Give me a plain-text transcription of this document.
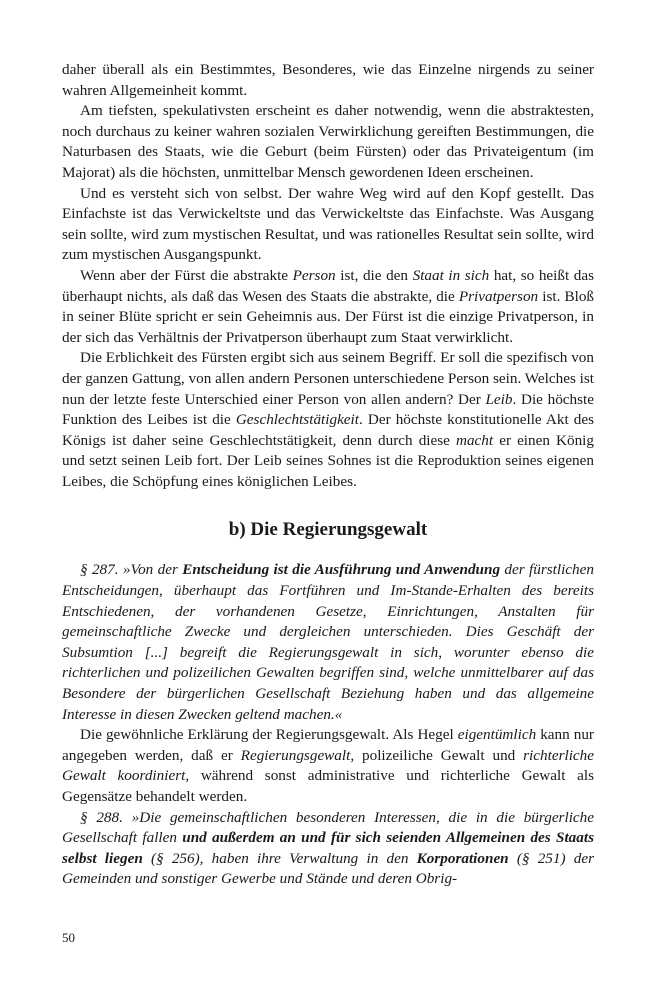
daher überall als ein Bestimmtes, Besonderes, wie das Einzelne nirgends zu seiner wahren Allgemeinheit kommt.

Am tiefsten, spekulativsten erscheint es daher notwendig, wenn die abstraktesten, noch durchaus zu keiner wahren sozialen Verwirklichung gereiften Bestimmungen, die Naturbasen des Staats, wie die Geburt (beim Fürsten) oder das Privateigentum (im Majorat) als die höchsten, unmittelbar Mensch gewordenen Ideen erscheinen.

Und es versteht sich von selbst. Der wahre Weg wird auf den Kopf gestellt. Das Einfachste ist das Verwickeltste und das Verwickeltste das Einfachste. Was Ausgang sein sollte, wird zum mystischen Resultat, und was rationelles Resultat sein sollte, wird zum mystischen Ausgangspunkt.

Wenn aber der Fürst die abstrakte Person ist, die den Staat in sich hat, so heißt das überhaupt nichts, als daß das Wesen des Staats die abstrakte, die Privatperson ist. Bloß in seiner Blüte spricht er sein Geheimnis aus. Der Fürst ist die einzige Privatperson, in der sich das Verhältnis der Privatperson überhaupt zum Staat verwirklicht.

Die Erblichkeit des Fürsten ergibt sich aus seinem Begriff. Er soll die spezifisch von der ganzen Gattung, von allen andern Personen unterschiedene Person sein. Welches ist nun der letzte feste Unterschied einer Person von allen andern? Der Leib. Die höchste Funktion des Leibes ist die Geschlechtstätigkeit. Der höchste konstitutionelle Akt des Königs ist daher seine Geschlechtstätigkeit, denn durch diese macht er einen König und setzt seinen Leib fort. Der Leib seines Sohnes ist die Reproduktion seines eigenen Leibes, die Schöpfung eines königlichen Leibes.

b) Die Regierungsgewalt

§ 287. »Von der Entscheidung ist die Ausführung und Anwendung der fürstlichen Entscheidungen, überhaupt das Fortführen und Im-Stande-Erhalten des bereits Entschiedenen, der vorhandenen Gesetze, Einrichtungen, Anstalten für gemeinschaftliche Zwecke und dergleichen unterschieden. Dies Geschäft der Subsumtion [...] begreift die Regierungsgewalt in sich, worunter ebenso die richterlichen und polizeilichen Gewalten begriffen sind, welche unmittelbarer auf das Besondere der bürgerlichen Gesellschaft Beziehung haben und das allgemeine Interesse in diesen Zwecken geltend machen.«

Die gewöhnliche Erklärung der Regierungsgewalt. Als Hegel eigentümlich kann nur angegeben werden, daß er Regierungsgewalt, polizeiliche Gewalt und richterliche Gewalt koordiniert, während sonst administrative und richterliche Gewalt als Gegensätze behandelt werden.

§ 288. »Die gemeinschaftlichen besonderen Interessen, die in die bürgerliche Gesellschaft fallen und außerdem an und für sich seienden Allgemeinen des Staats selbst liegen (§ 256), haben ihre Verwaltung in den Korporationen (§ 251) der Gemeinden und sonstiger Gewerbe und Stände und deren Obrig-

50
